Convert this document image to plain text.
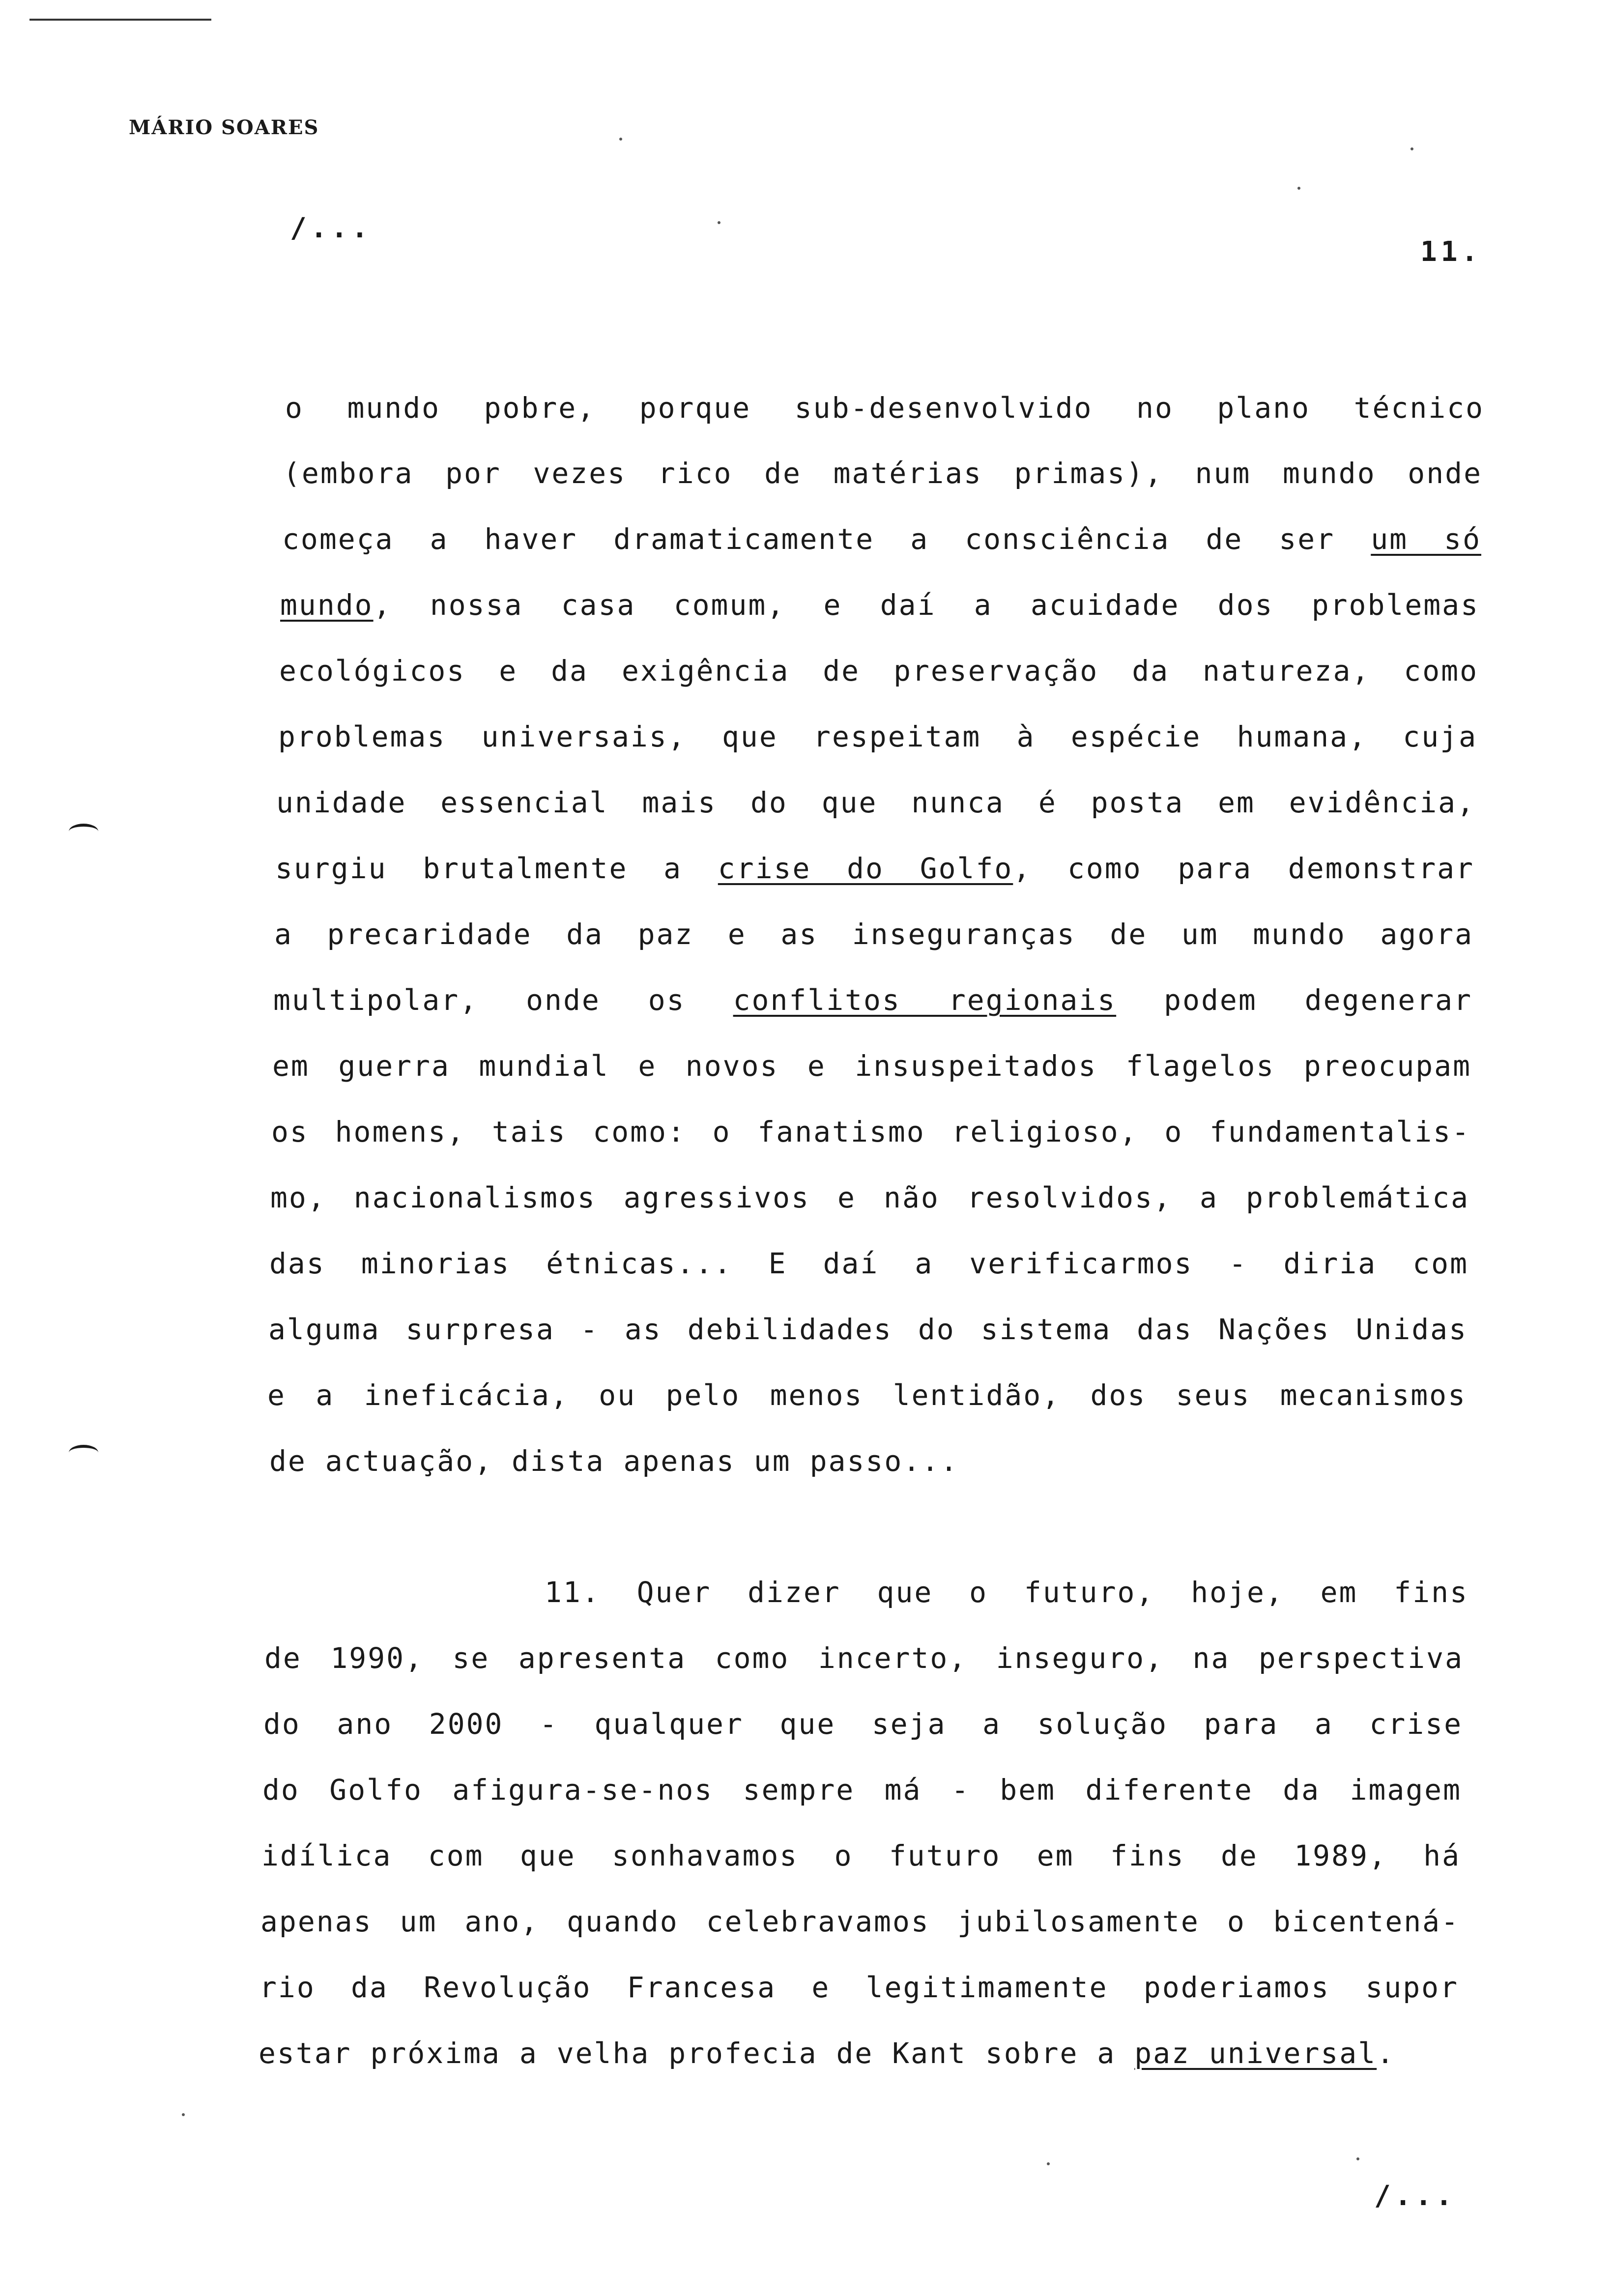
MÁRIO SOARES
/...
11.
o mundo pobre, porque sub-desenvolvido no plano técnico
(embora por vezes rico de matérias primas), num mundo onde
começa a haver dramaticamente a consciência de ser um só
mundo, nossa casa comum, e daí a acuidade dos problemas
ecológicos e da exigência de preservação da natureza, como
problemas universais, que respeitam à espécie humana, cuja
unidade essencial mais do que nunca é posta em evidência,
surgiu brutalmente a crise do Golfo, como para demonstrar
a precaridade da paz e as inseguranças de um mundo agora
multipolar, onde os conflitos regionais podem degenerar
em guerra mundial e novos e insuspeitados flagelos preocupam
os homens, tais como: o fanatismo religioso, o fundamentalis-
mo, nacionalismos agressivos e não resolvidos, a problemática
das minorias étnicas... E daí a verificarmos - diria com
alguma surpresa - as debilidades do sistema das Nações Unidas
e a ineficácia, ou pelo menos lentidão, dos seus mecanismos
de actuação, dista apenas um passo...
11. Quer dizer que o futuro, hoje, em fins
de 1990, se apresenta como incerto, inseguro, na perspectiva
do ano 2000 - qualquer que seja a solução para a crise
do Golfo afigura-se-nos sempre má - bem diferente da imagem
idílica com que sonhavamos o futuro em fins de 1989, há
apenas um ano, quando celebravamos jubilosamente o bicentená-
rio da Revolução Francesa e legitimamente poderiamos supor
estar próxima a velha profecia de Kant sobre a paz universal.
/...
